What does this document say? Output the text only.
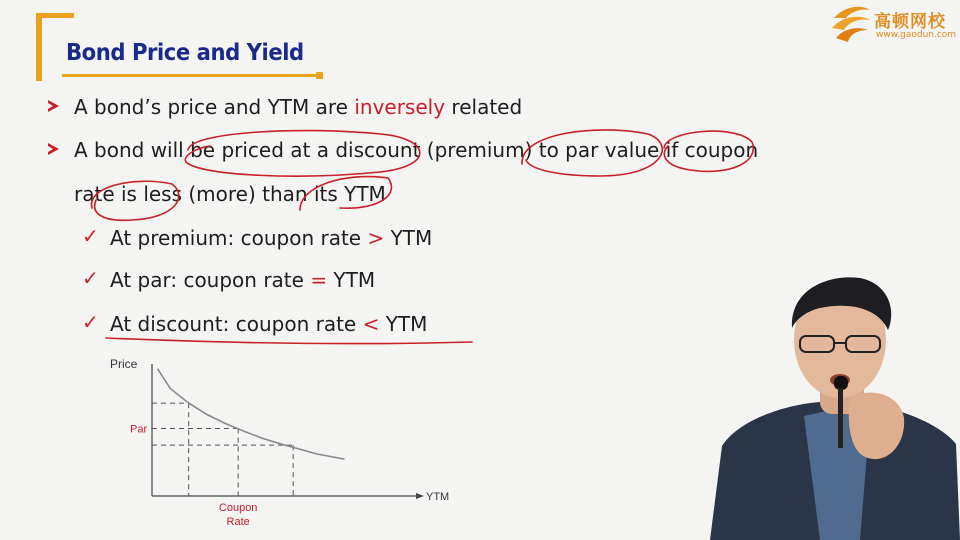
Bond Price and Yield
高顿网校
www.gaodun.com
A bond’s price and YTM are inversely related
A bond will be priced at a discount (premium) to par value if coupon
rate is less (more) than its YTM
✓ At premium: coupon rate > YTM
✓ At par: coupon rate = YTM
✓ At discount: coupon rate < YTM
Price
YTM
Par
Coupon
Rate
